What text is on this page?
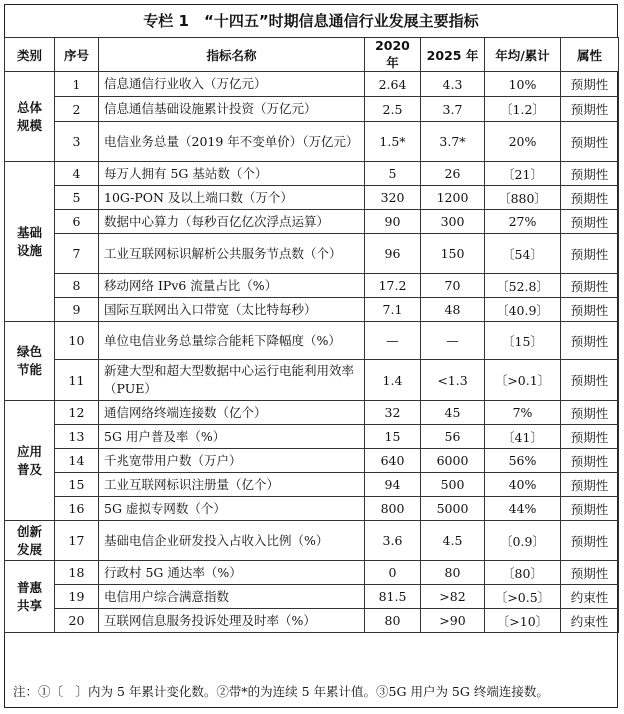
专栏 1　“十四五”时期信息通信行业发展主要指标
类别	序号	指标名称	2020 年	2025 年	年均/累计	属性
总体
规模	1	信息通信行业收入（万亿元）	2.64	4.3	10%	预期性
	2	信息通信基础设施累计投资（万亿元）	2.5	3.7	〔1.2〕	预期性
	3	电信业务总量（2019 年不变单价）（万亿元）	1.5*	3.7*	20%	预期性
基础
设施	4	每万人拥有 5G 基站数（个）	5	26	〔21〕	预期性
	5	10G-PON 及以上端口数（万个）	320	1200	〔880〕	预期性
	6	数据中心算力（每秒百亿亿次浮点运算）	90	300	27%	预期性
	7	工业互联网标识解析公共服务节点数（个）	96	150	〔54〕	预期性
	8	移动网络 IPv6 流量占比（%）	17.2	70	〔52.8〕	预期性
	9	国际互联网出入口带宽（太比特每秒）	7.1	48	〔40.9〕	预期性
绿色
节能	10	单位电信业务总量综合能耗下降幅度（%）	—	—	〔15〕	预期性
	11	新建大型和超大型数据中心运行电能利用效率（PUE）	1.4	<1.3	〔>0.1〕	预期性
应用
普及	12	通信网络终端连接数（亿个）	32	45	7%	预期性
	13	5G 用户普及率（%）	15	56	〔41〕	预期性
	14	千兆宽带用户数（万户）	640	6000	56%	预期性
	15	工业互联网标识注册量（亿个）	94	500	40%	预期性
	16	5G 虚拟专网数（个）	800	5000	44%	预期性
创新
发展	17	基础电信企业研发投入占收入比例（%）	3.6	4.5	〔0.9〕	预期性
普惠
共享	18	行政村 5G 通达率（%）	0	80	〔80〕	预期性
	19	电信用户综合满意指数	81.5	>82	〔>0.5〕	约束性
	20	互联网信息服务投诉处理及时率（%）	80	>90	〔>10〕	约束性
注：①〔　〕内为 5 年累计变化数。②带*的为连续 5 年累计值。③5G 用户为 5G 终端连接数。
